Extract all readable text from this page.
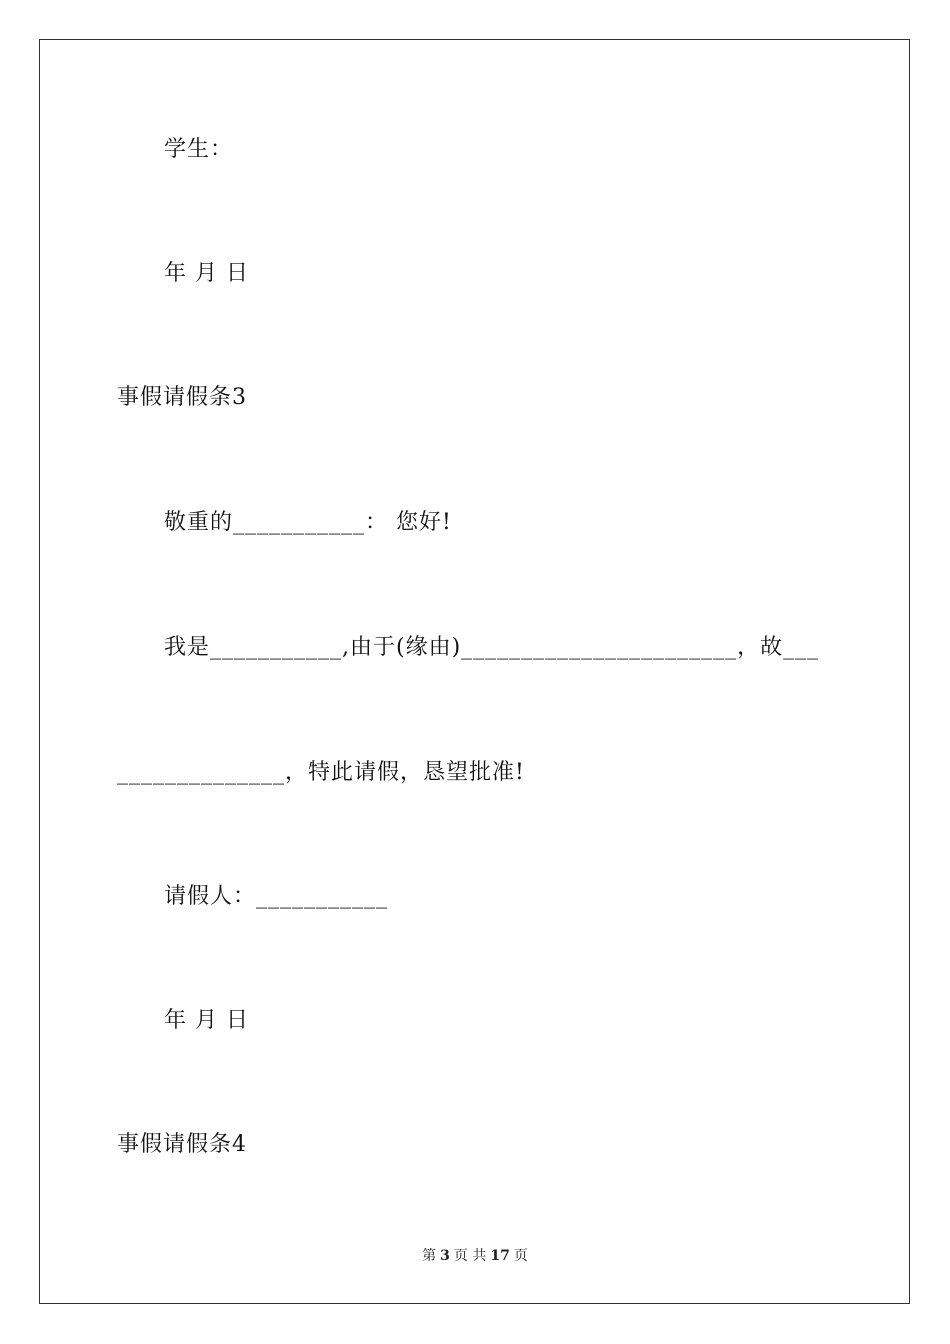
学生：
年 月 日
事假请假条3
敬重的___________： 您好!
我是___________,由于(缘由)_______________________，故___
______________，特此请假，恳望批准!
请假人：___________
年 月 日
事假请假条4
第 3 页 共 17 页
